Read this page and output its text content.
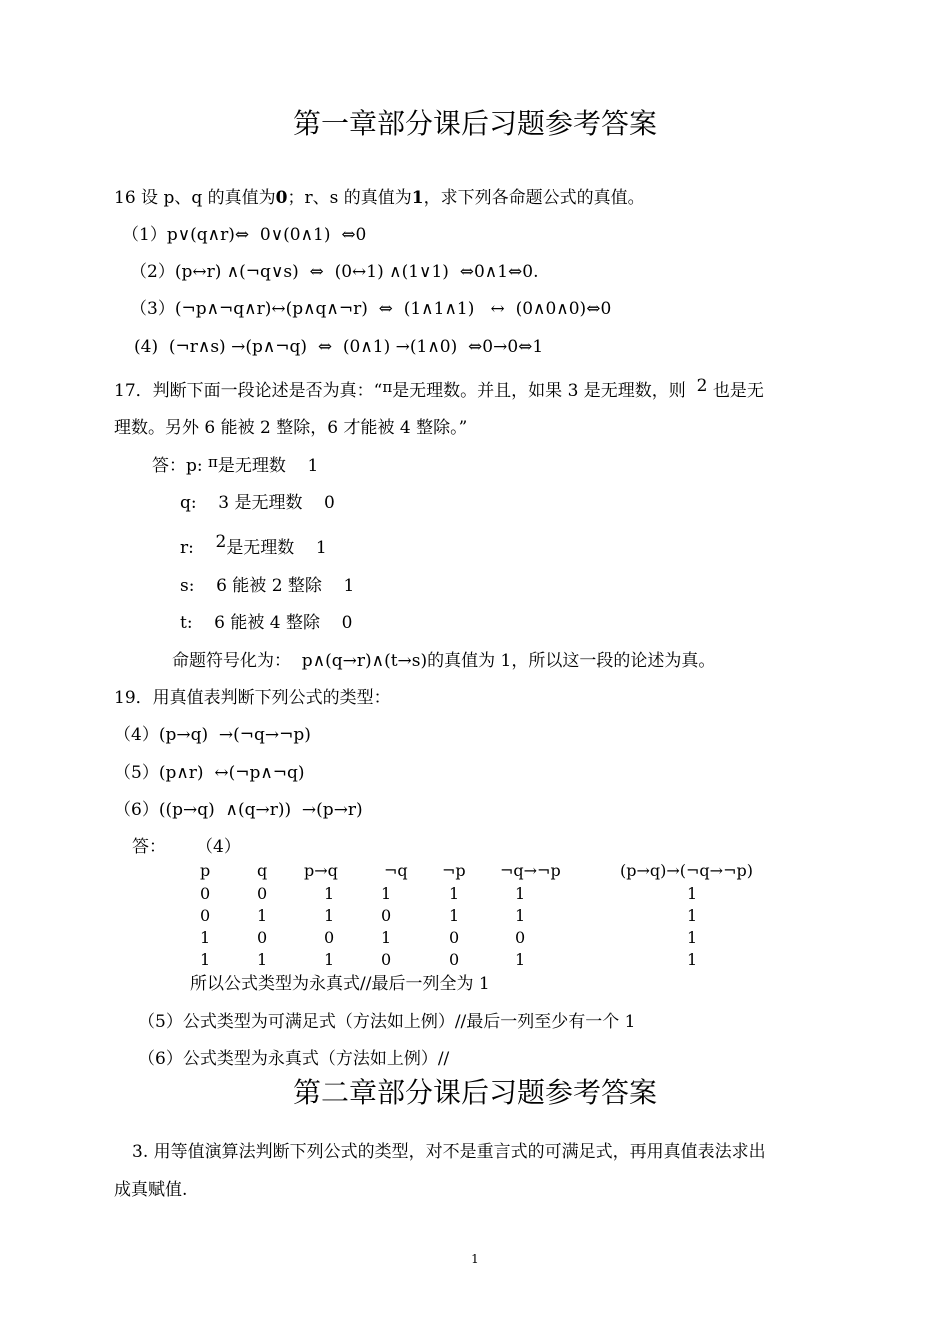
第一章部分课后习题参考答案
16 设 p、q 的真值为0；r、s 的真值为1，求下列各命题公式的真值。
（1）p∨(q∧r)⇔  0∨(0∧1)  ⇔0
（2）(p↔r) ∧(¬q∨s)  ⇔  (0↔1) ∧(1∨1)  ⇔0∧1⇔0.
（3）(¬p∧¬q∧r)↔(p∧q∧¬r)  ⇔  (1∧1∧1)   ↔  (0∧0∧0)⇔0
(4)  (¬r∧s) →(p∧¬q)  ⇔  (0∧1) →(1∧0)  ⇔0→0⇔1
17．判断下面一段论述是否为真：“π是无理数。并且，如果 3 是无理数，则 2 也是无
理数。另外 6 能被 2 整除，6 才能被 4 整除。”
答：p: π是无理数    1
q:    3 是无理数    0
r: 2是无理数    1
s:    6 能被 2 整除    1
t:    6 能被 4 整除    0
命题符号化为：  p∧(q→r)∧(t→s)的真值为 1，所以这一段的论述为真。
19．用真值表判断下列公式的类型：
（4）(p→q)  →(¬q→¬p)
（5）(p∧r)  ↔(¬p∧¬q)
（6）((p→q)  ∧(q→r))  →(p→r)
答： （4）
p	q p→q	¬q ¬p ¬q→¬p	(p→q)→(¬q→¬p)
0	0	1	1	1	1	1
0	1	1	0	1	1	1
1	0	0	1	0	0	1
1	1	1	0	0	1	1
所以公式类型为永真式//最后一列全为 1
（5）公式类型为可满足式（方法如上例）//最后一列至少有一个 1
（6）公式类型为永真式（方法如上例）//
第二章部分课后习题参考答案
3. 用等值演算法判断下列公式的类型，对不是重言式的可满足式，再用真值表法求出
成真赋值.
1
